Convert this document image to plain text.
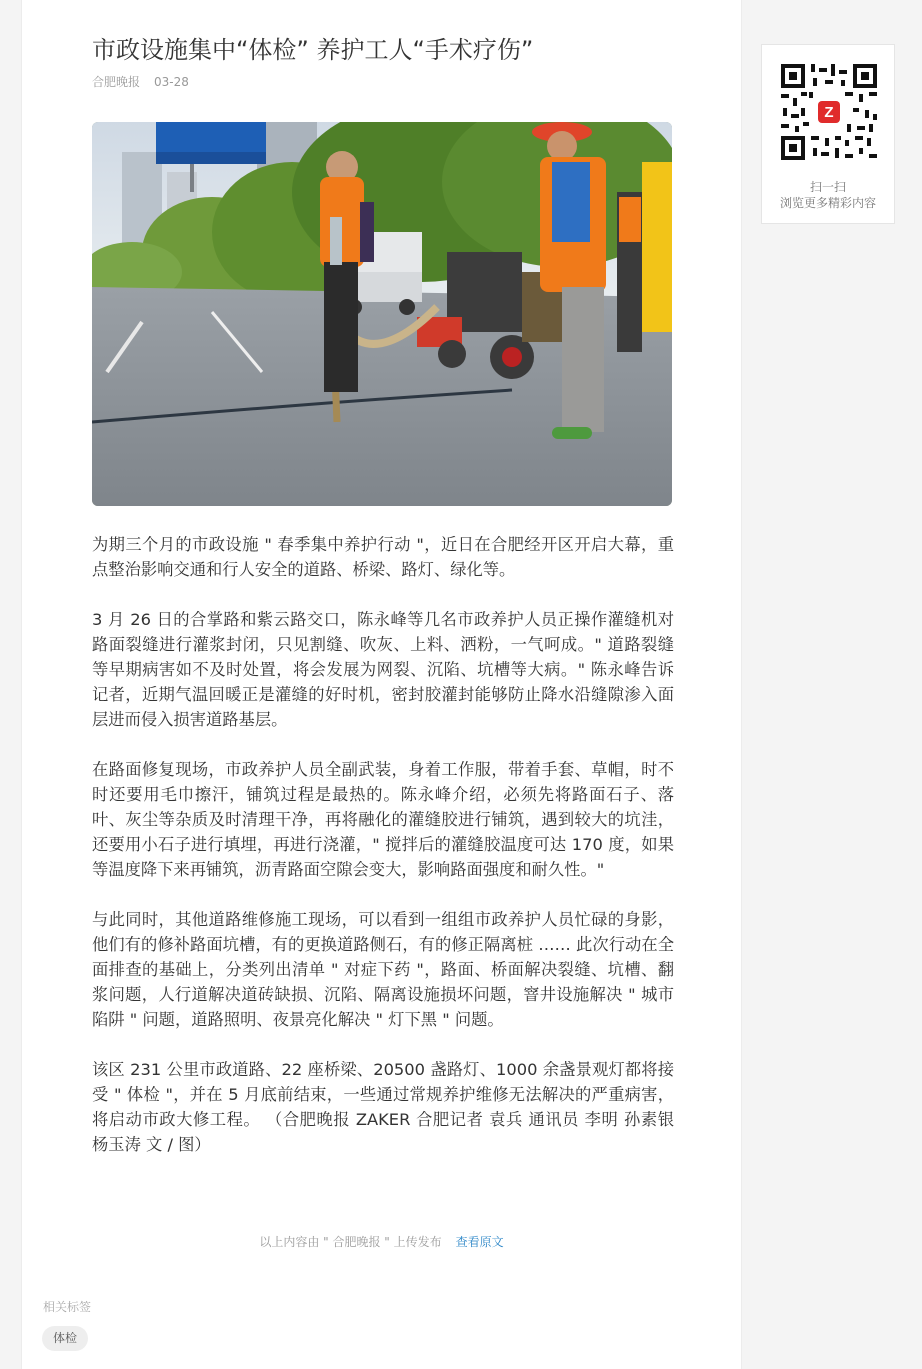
市政设施集中“体检” 养护工人“手术疗伤”
合肥晚报 03-28

为期三个月的市政设施 " 春季集中养护行动 "，近日在合肥经开区开启大幕，重点整治影响交通和行人安全的道路、桥梁、路灯、绿化等。

3 月 26 日的合掌路和紫云路交口，陈永峰等几名市政养护人员正操作灌缝机对路面裂缝进行灌浆封闭，只见割缝、吹灰、上料、洒粉，一气呵成。" 道路裂缝等早期病害如不及时处置，将会发展为网裂、沉陷、坑槽等大病。" 陈永峰告诉记者，近期气温回暖正是灌缝的好时机，密封胶灌封能够防止降水沿缝隙渗入面层进而侵入损害道路基层。

在路面修复现场，市政养护人员全副武装，身着工作服，带着手套、草帽，时不时还要用毛巾擦汗，铺筑过程是最热的。陈永峰介绍，必须先将路面石子、落叶、灰尘等杂质及时清理干净，再将融化的灌缝胶进行铺筑，遇到较大的坑洼，还要用小石子进行填埋，再进行浇灌，" 搅拌后的灌缝胶温度可达 170 度，如果等温度降下来再铺筑，沥青路面空隙会变大，影响路面强度和耐久性。"

与此同时，其他道路维修施工现场，可以看到一组组市政养护人员忙碌的身影，他们有的修补路面坑槽，有的更换道路侧石，有的修正隔离桩 …… 此次行动在全面排查的基础上，分类列出清单 " 对症下药 "，路面、桥面解决裂缝、坑槽、翻浆问题，人行道解决道砖缺损、沉陷、隔离设施损坏问题，窨井设施解决 " 城市陷阱 " 问题，道路照明、夜景亮化解决 " 灯下黑 " 问题。

该区 231 公里市政道路、22 座桥梁、20500 盏路灯、1000 余盏景观灯都将接受 " 体检 "，并在 5 月底前结束，一些通过常规养护维修无法解决的严重病害，将启动市政大修工程。 （合肥晚报 ZAKER 合肥记者 袁兵 通讯员 李明 孙素银 杨玉涛 文 / 图）

以上内容由 " 合肥晚报 " 上传发布 查看原文
相关标签
体检
Z
扫一扫
浏览更多精彩内容
